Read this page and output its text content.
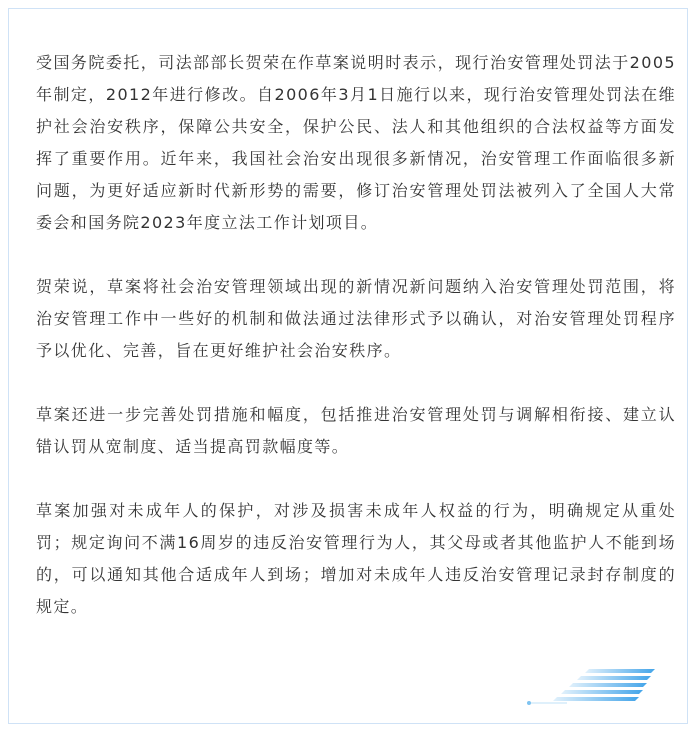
受国务院委托，司法部部长贺荣在作草案说明时表示，现行治安管理处罚法于2005年制定，2012年进行修改。自2006年3月1日施行以来，现行治安管理处罚法在维护社会治安秩序，保障公共安全，保护公民、法人和其他组织的合法权益等方面发挥了重要作用。近年来，我国社会治安出现很多新情况，治安管理工作面临很多新问题，为更好适应新时代新形势的需要，修订治安管理处罚法被列入了全国人大常委会和国务院2023年度立法工作计划项目。

贺荣说，草案将社会治安管理领域出现的新情况新问题纳入治安管理处罚范围，将治安管理工作中一些好的机制和做法通过法律形式予以确认，对治安管理处罚程序予以优化、完善，旨在更好维护社会治安秩序。

草案还进一步完善处罚措施和幅度，包括推进治安管理处罚与调解相衔接、建立认错认罚从宽制度、适当提高罚款幅度等。

草案加强对未成年人的保护，对涉及损害未成年人权益的行为，明确规定从重处罚；规定询问不满16周岁的违反治安管理行为人，其父母或者其他监护人不能到场的，可以通知其他合适成年人到场；增加对未成年人违反治安管理记录封存制度的规定。
